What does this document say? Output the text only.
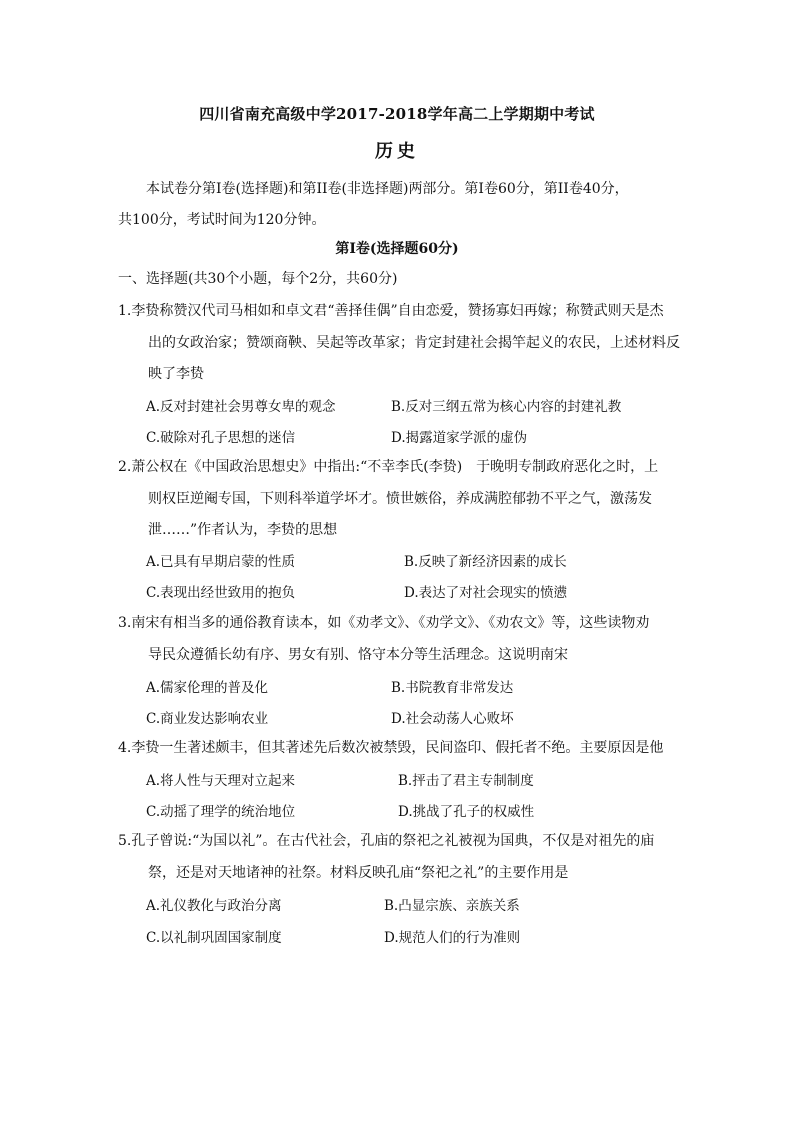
四川省南充高级中学2017-2018学年高二上学期期中考试
历史
本试卷分第Ⅰ卷(选择题)和第II卷(非选择题)两部分。第Ⅰ卷60分，第II卷40分，
共100分，考试时间为120分钟。
第Ⅰ卷(选择题60分)
一、选择题(共30个小题，每个2分，共60分)
1.李贽称赞汉代司马相如和卓文君“善择佳偶”自由恋爱，赞扬寡妇再嫁；称赞武则天是杰
出的女政治家；赞颂商鞅、吴起等改革家；肯定封建社会揭竿起义的农民，上述材料反
映了李贽
A.反对封建社会男尊女卑的观念	B.反对三纲五常为核心内容的封建礼教
C.破除对孔子思想的迷信	D.揭露道家学派的虚伪
2.萧公权在《中国政治思想史》中指出:“不幸李氏(李贽)　于晚明专制政府恶化之时，上
则权臣逆阉专国，下则科举道学坏才。愤世嫉俗，养成满腔郁勃不平之气，激荡发
泄……”作者认为，李贽的思想
A.已具有早期启蒙的性质	B.反映了新经济因素的成长
C.表现出经世致用的抱负	D.表达了对社会现实的愤懑
3.南宋有相当多的通俗教育读本，如《劝孝文》、《劝学文》、《劝农文》等，这些读物劝
导民众遵循长幼有序、男女有别、恪守本分等生活理念。这说明南宋
A.儒家伦理的普及化	B.书院教育非常发达
C.商业发达影响农业	D.社会动荡人心败坏
4.李贽一生著述颇丰，但其著述先后数次被禁毁，民间盗印、假托者不绝。主要原因是他
A.将人性与天理对立起来	B.抨击了君主专制制度
C.动摇了理学的统治地位	D.挑战了孔子的权威性
5.孔子曾说:“为国以礼”。在古代社会，孔庙的祭祀之礼被视为国典，不仅是对祖先的庙
祭，还是对天地诸神的社祭。材料反映孔庙“祭祀之礼”的主要作用是
A.礼仪教化与政治分离	B.凸显宗族、亲族关系
C.以礼制巩固国家制度	D.规范人们的行为准则
